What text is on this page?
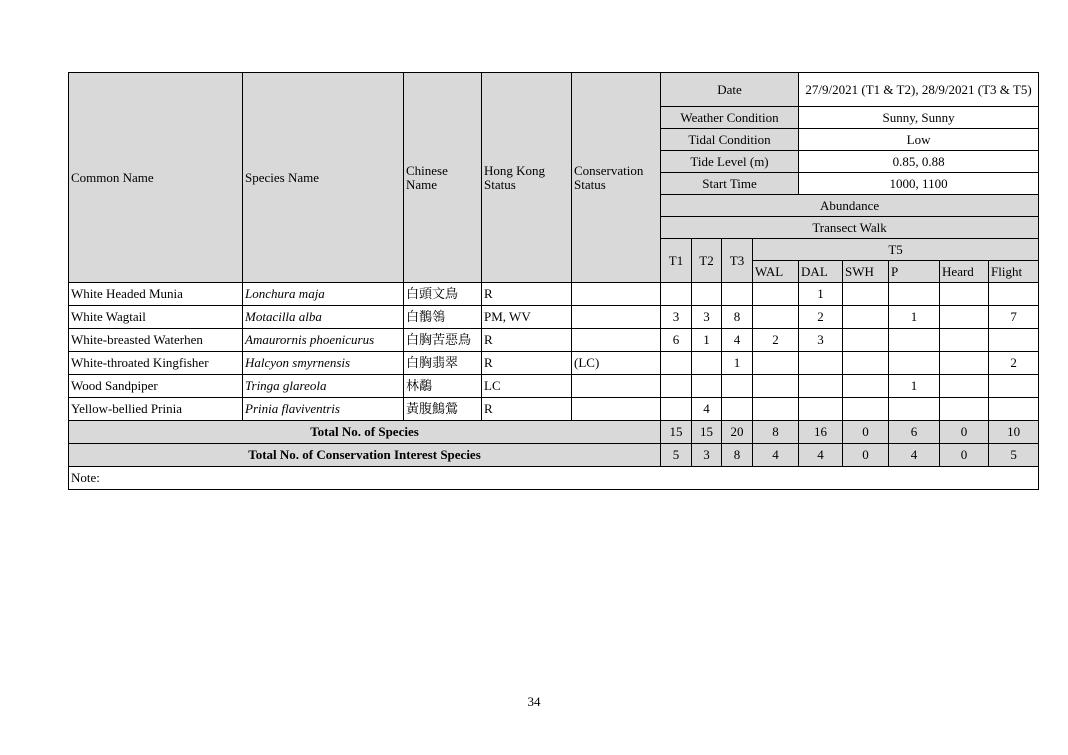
Common Name	Species Name	Chinese Name	Hong Kong Status	Conservation Status	Date				27/9/2021 (T1 & T2), 28/9/2021 (T3 & T5)				
					Weather Condition				Sunny, Sunny				
					Tidal Condition				Low				
					Tide Level (m)				0.85, 0.88				
					Start Time				1000, 1100				
					Abundance								
					Transect Walk								
					T1	T2	T3	T5					
								WAL	DAL	SWH	P	Heard	Flight
White Headed Munia	Lonchura maja	白頭文鳥	R						1				
White Wagtail	Motacilla alba	白鶺鴒	PM, WV		3	3	8		2		1		7
White-breasted Waterhen	Amaurornis phoenicurus	白胸苦惡鳥	R		6	1	4	2	3				
White-throated Kingfisher	Halcyon smyrnensis	白胸翡翠	R	(LC)			1						2
Wood Sandpiper	Tringa glareola	林鷸	LC								1		
Yellow-bellied Prinia	Prinia flaviventris	黃腹鷦鶯	R			4							
Total No. of Species					15	15	20	8	16	0	6	0	10
Total No. of Conservation Interest Species					5	3	8	4	4	0	4	0	5
Note:													
34
